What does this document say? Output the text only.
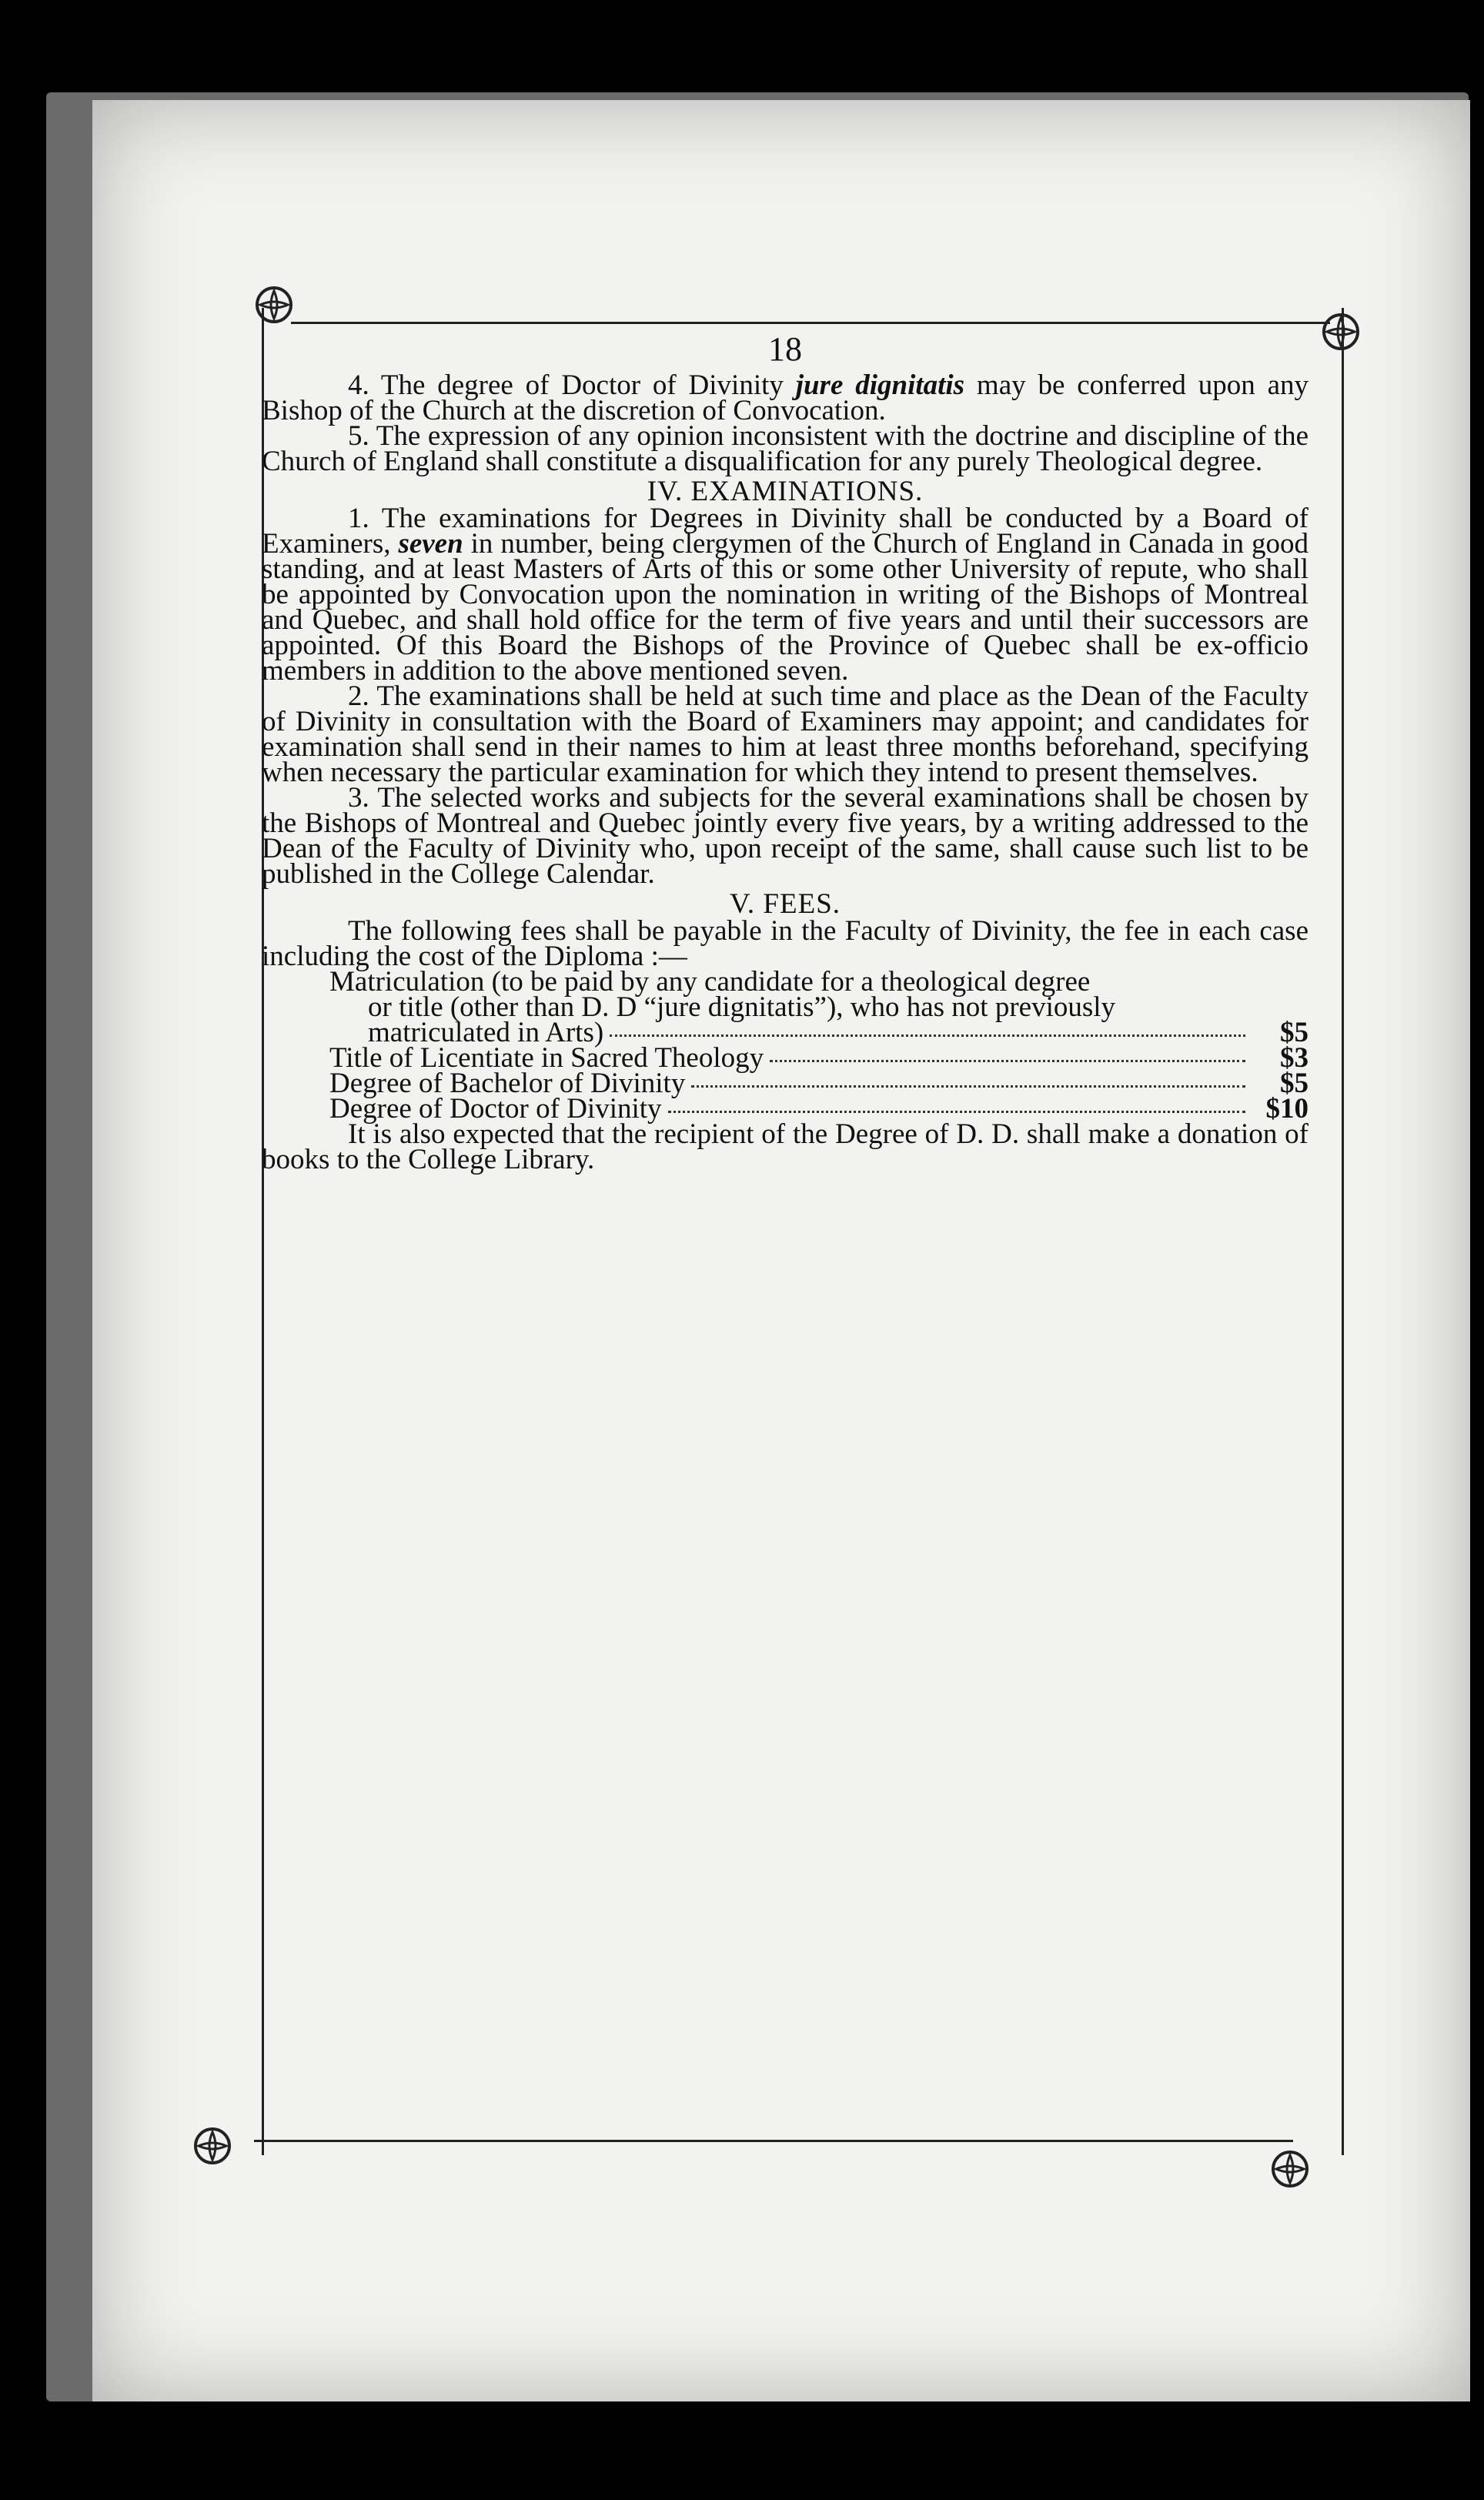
18

4. The degree of Doctor of Divinity jure dignitatis may be conferred upon any Bishop of the Church at the discretion of Convocation.

5. The expression of any opinion inconsistent with the doctrine and discipline of the Church of England shall constitute a disqualification for any purely Theological degree.

IV. EXAMINATIONS.

1. The examinations for Degrees in Divinity shall be conducted by a Board of Examiners, seven in number, being clergymen of the Church of England in Canada in good standing, and at least Masters of Arts of this or some other University of repute, who shall be appointed by Convocation upon the nomination in writing of the Bishops of Montreal and Quebec, and shall hold office for the term of five years and until their successors are appointed. Of this Board the Bishops of the Province of Quebec shall be ex-officio members in addition to the above mentioned seven.

2. The examinations shall be held at such time and place as the Dean of the Faculty of Divinity in consultation with the Board of Examiners may appoint; and candidates for examination shall send in their names to him at least three months beforehand, specifying when necessary the particular examination for which they intend to present themselves.

3. The selected works and subjects for the several examinations shall be chosen by the Bishops of Montreal and Quebec jointly every five years, by a writing addressed to the Dean of the Faculty of Divinity who, upon receipt of the same, shall cause such list to be published in the College Calendar.

V. FEES.

The following fees shall be payable in the Faculty of Divinity, the fee in each case including the cost of the Diploma :—

Matriculation (to be paid by any candidate for a theological degree
or title (other than D. D “jure dignitatis”), who has not previously
matriculated in Arts)	$5
Title of Licentiate in Sacred Theology	$3
Degree of Bachelor of Divinity	$5
Degree of Doctor of Divinity	$10

It is also expected that the recipient of the Degree of D. D. shall make a donation of books to the College Library.
